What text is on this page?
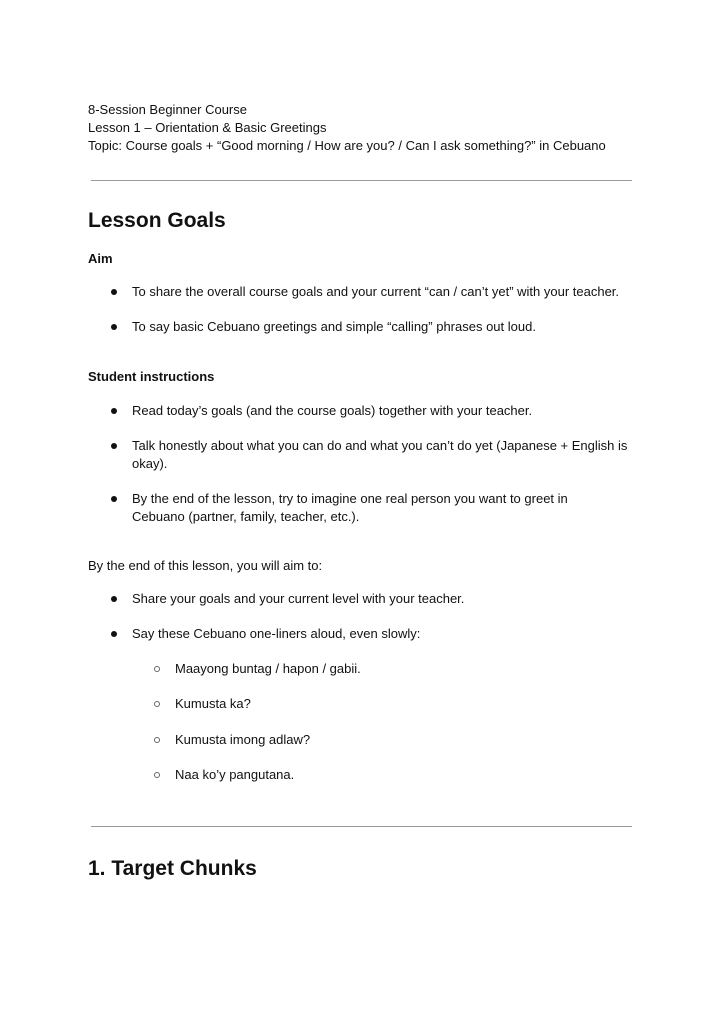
8-Session Beginner Course
Lesson 1 – Orientation & Basic Greetings
Topic: Course goals + “Good morning / How are you? / Can I ask something?” in Cebuano
Lesson Goals
Aim
To share the overall course goals and your current “can / can’t yet” with your teacher.
To say basic Cebuano greetings and simple “calling” phrases out loud.
Student instructions
Read today’s goals (and the course goals) together with your teacher.
Talk honestly about what you can do and what you can’t do yet (Japanese + English is okay).
By the end of the lesson, try to imagine one real person you want to greet in Cebuano (partner, family, teacher, etc.).
By the end of this lesson, you will aim to:
Share your goals and your current level with your teacher.
Say these Cebuano one-liners aloud, even slowly:
Maayong buntag / hapon / gabii.
Kumusta ka?
Kumusta imong adlaw?
Naa ko’y pangutana.
1. Target Chunks
